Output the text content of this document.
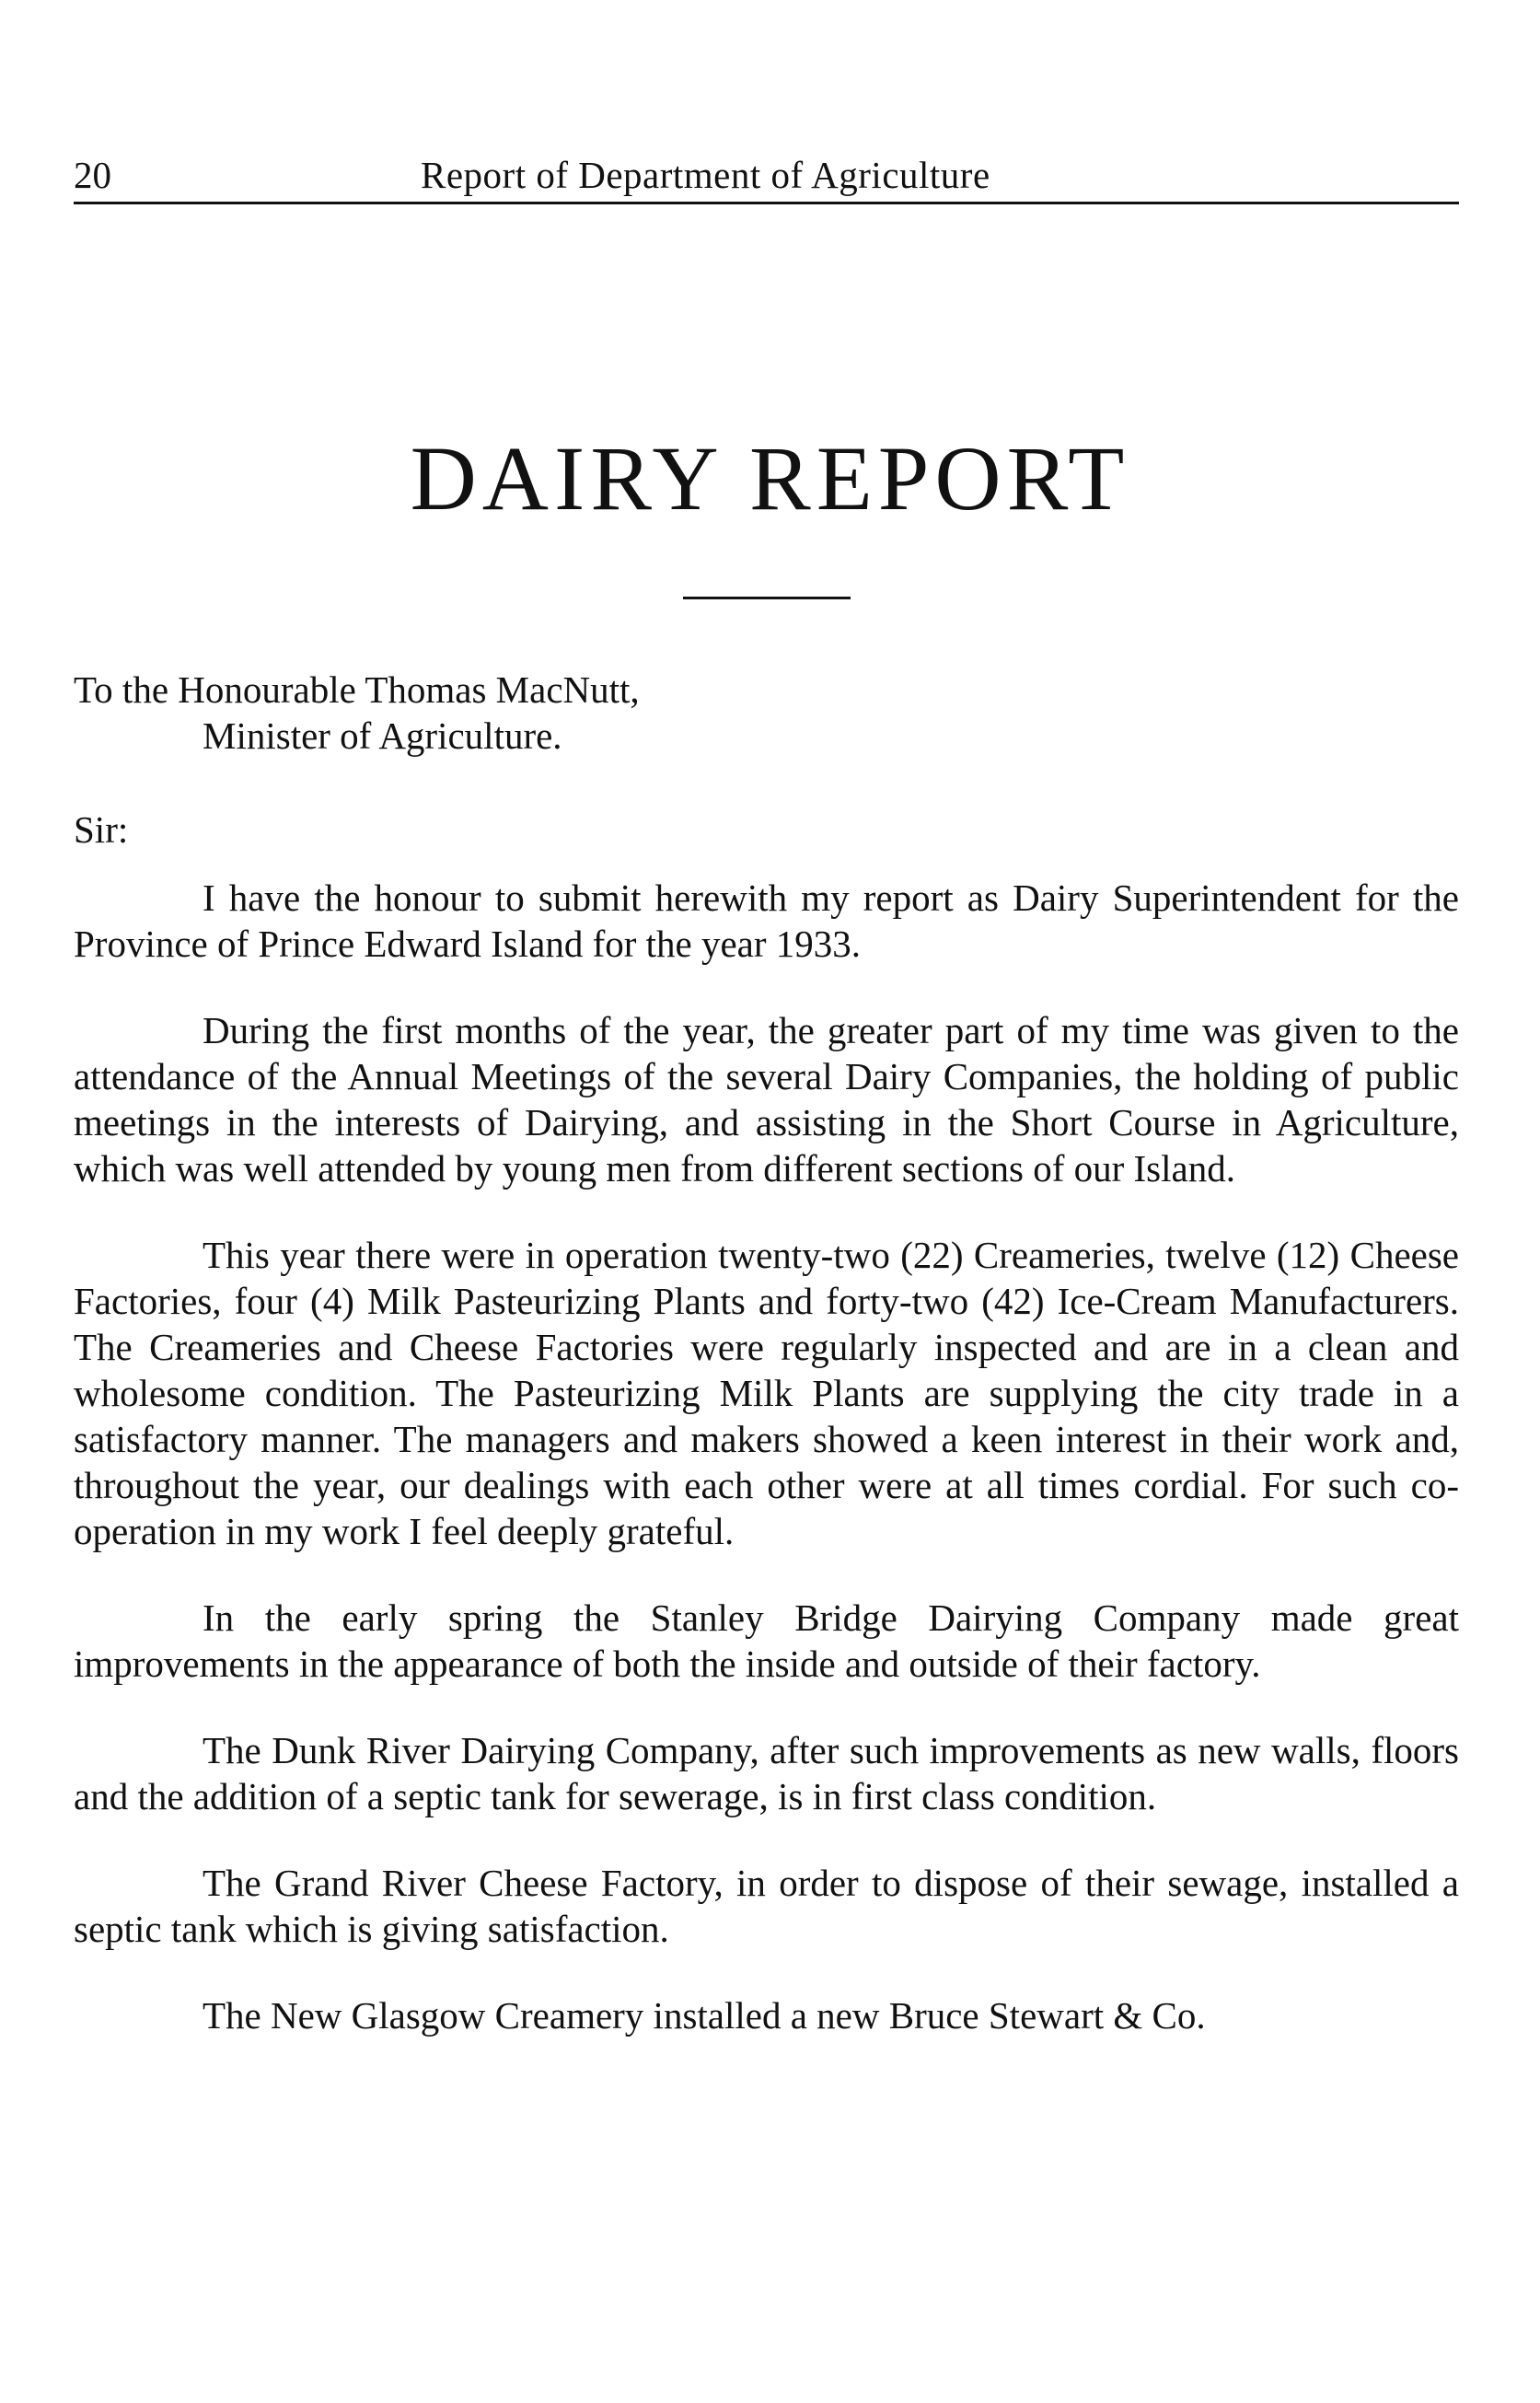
20	Report of Department of Agriculture
DAIRY REPORT
To the Honourable Thomas MacNutt,
Minister of Agriculture.
Sir:

I have the honour to submit herewith my report as Dairy Superintendent for the Province of Prince Edward Island for the year 1933.

During the first months of the year, the greater part of my time was given to the attendance of the Annual Meetings of the several Dairy Companies, the holding of public meetings in the interests of Dairying, and assisting in the Short Course in Agriculture, which was well attended by young men from different sections of our Island.

This year there were in operation twenty-two (22) Creameries, twelve (12) Cheese Factories, four (4) Milk Pasteurizing Plants and forty-two (42) Ice-Cream Manufacturers. The Creameries and Cheese Factories were regularly inspected and are in a clean and wholesome condition. The Pasteurizing Milk Plants are supplying the city trade in a satisfactory manner. The managers and makers showed a keen interest in their work and, throughout the year, our dealings with each other were at all times cordial. For such co-operation in my work I feel deeply grateful.

In the early spring the Stanley Bridge Dairying Company made great improvements in the appearance of both the inside and outside of their factory.

The Dunk River Dairying Company, after such improvements as new walls, floors and the addition of a septic tank for sewerage, is in first class condition.

The Grand River Cheese Factory, in order to dispose of their sewage, installed a septic tank which is giving satisfaction.

The New Glasgow Creamery installed a new Bruce Stewart & Co.
